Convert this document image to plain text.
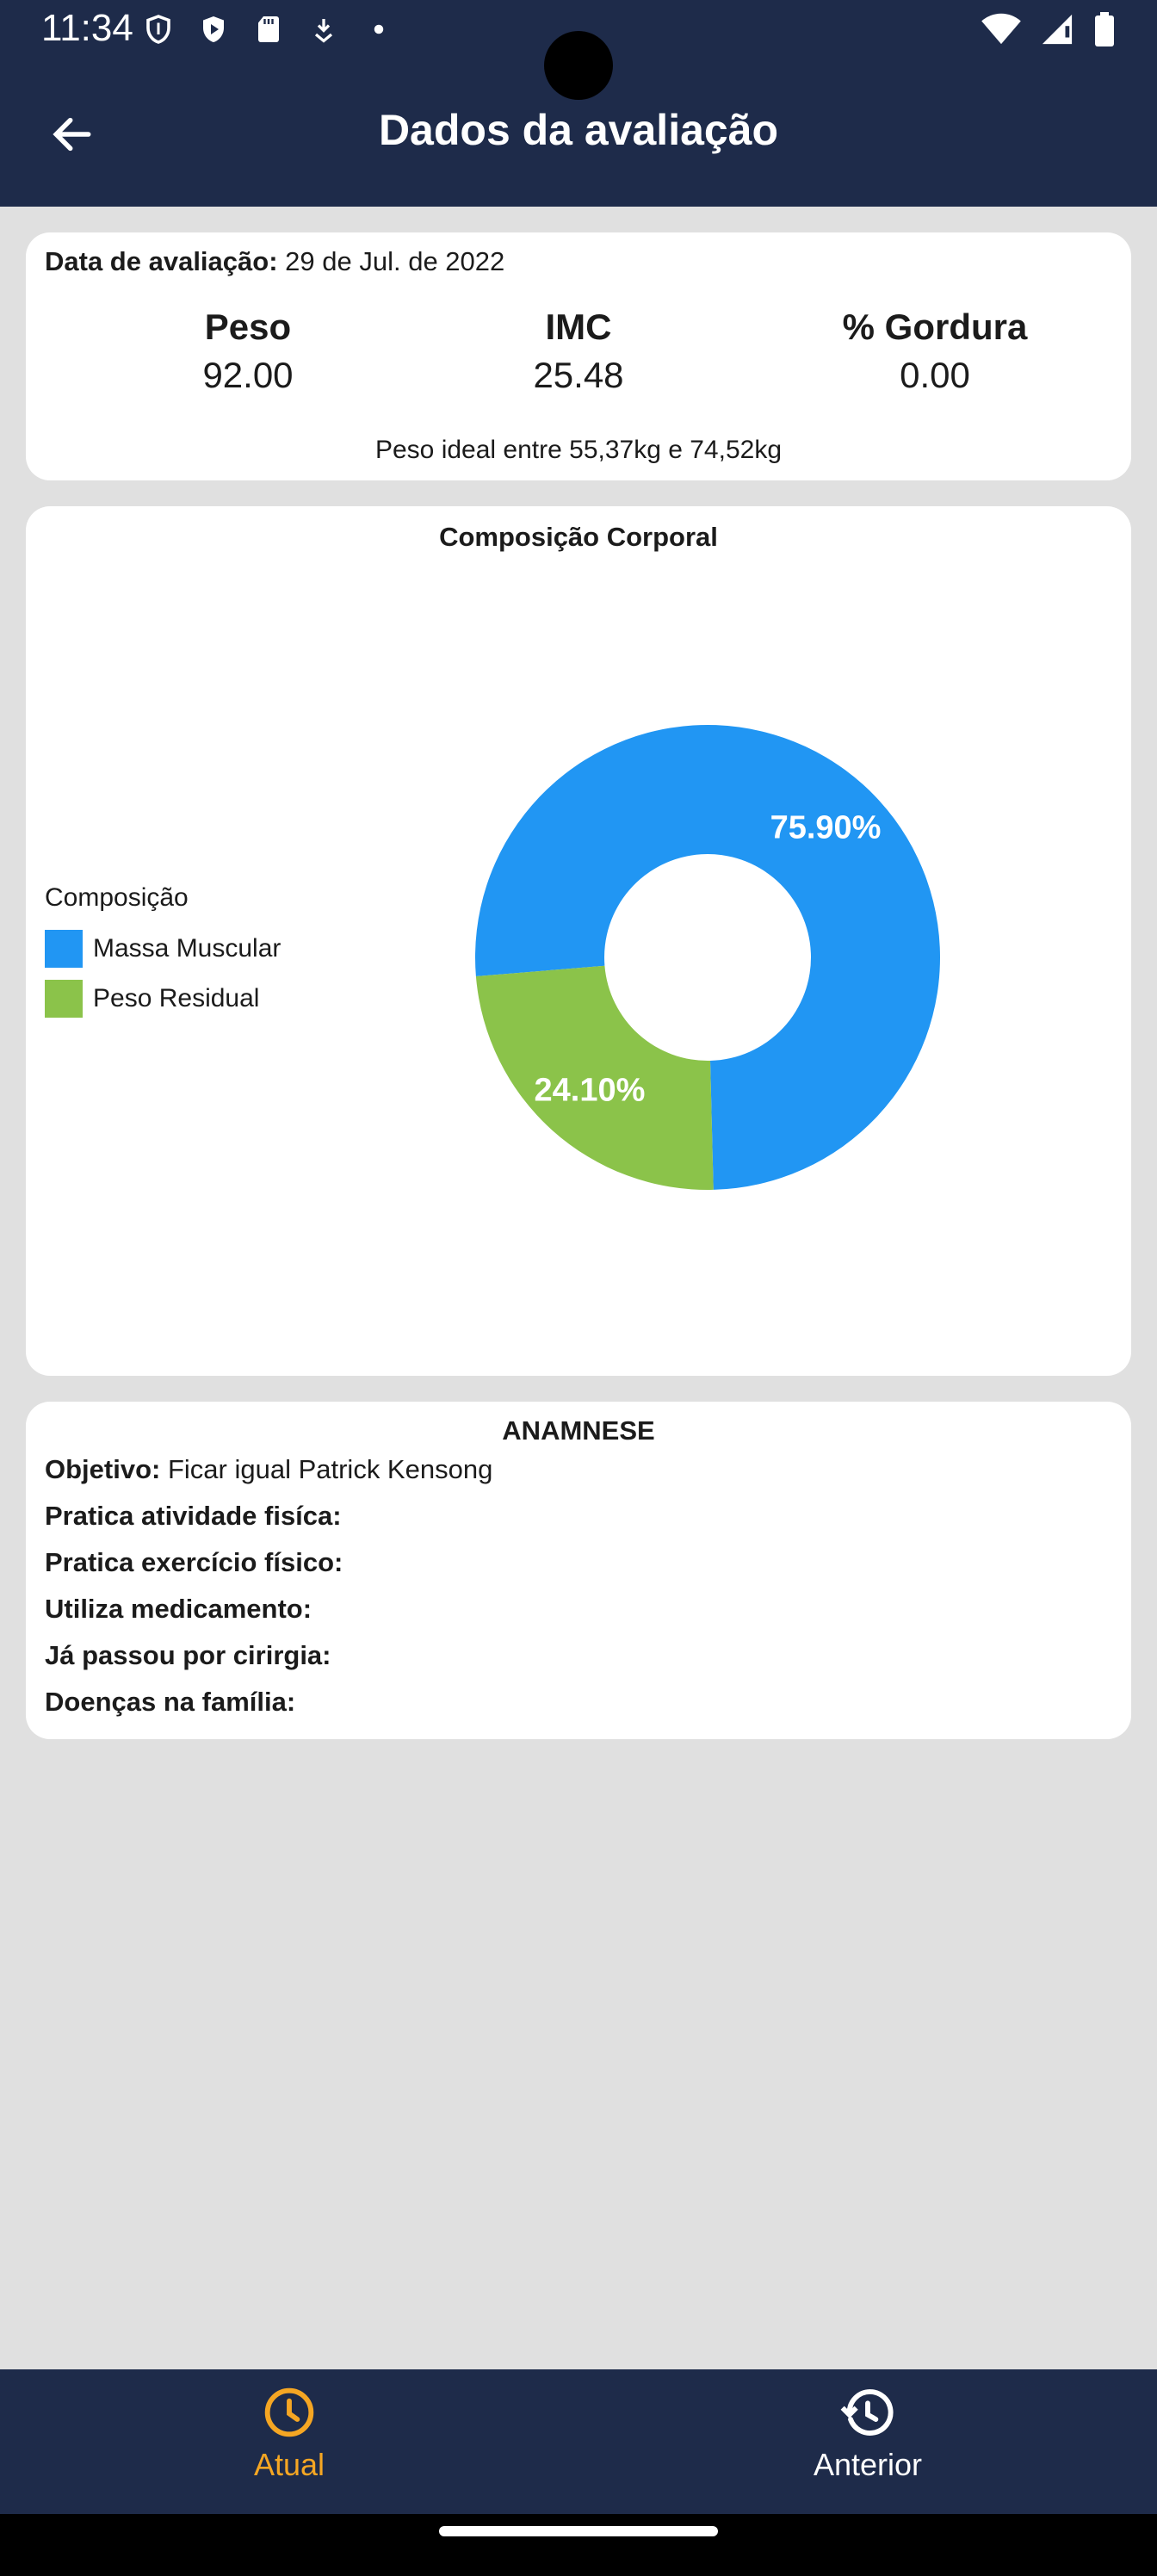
11:34
Dados da avaliação
Data de avaliação: 29 de Jul. de 2022
Peso
92.00
IMC
25.48
% Gordura
0.00
Peso ideal entre 55,37kg e 74,52kg
Composição Corporal
75.90%
24.10%
Composição
Massa Muscular
Peso Residual
ANAMNESE
Objetivo: Ficar igual Patrick Kensong
Pratica atividade fisíca:
Pratica exercício físico:
Utiliza medicamento:
Já passou por cirirgia:
Doenças na família:
Atual	Anterior
